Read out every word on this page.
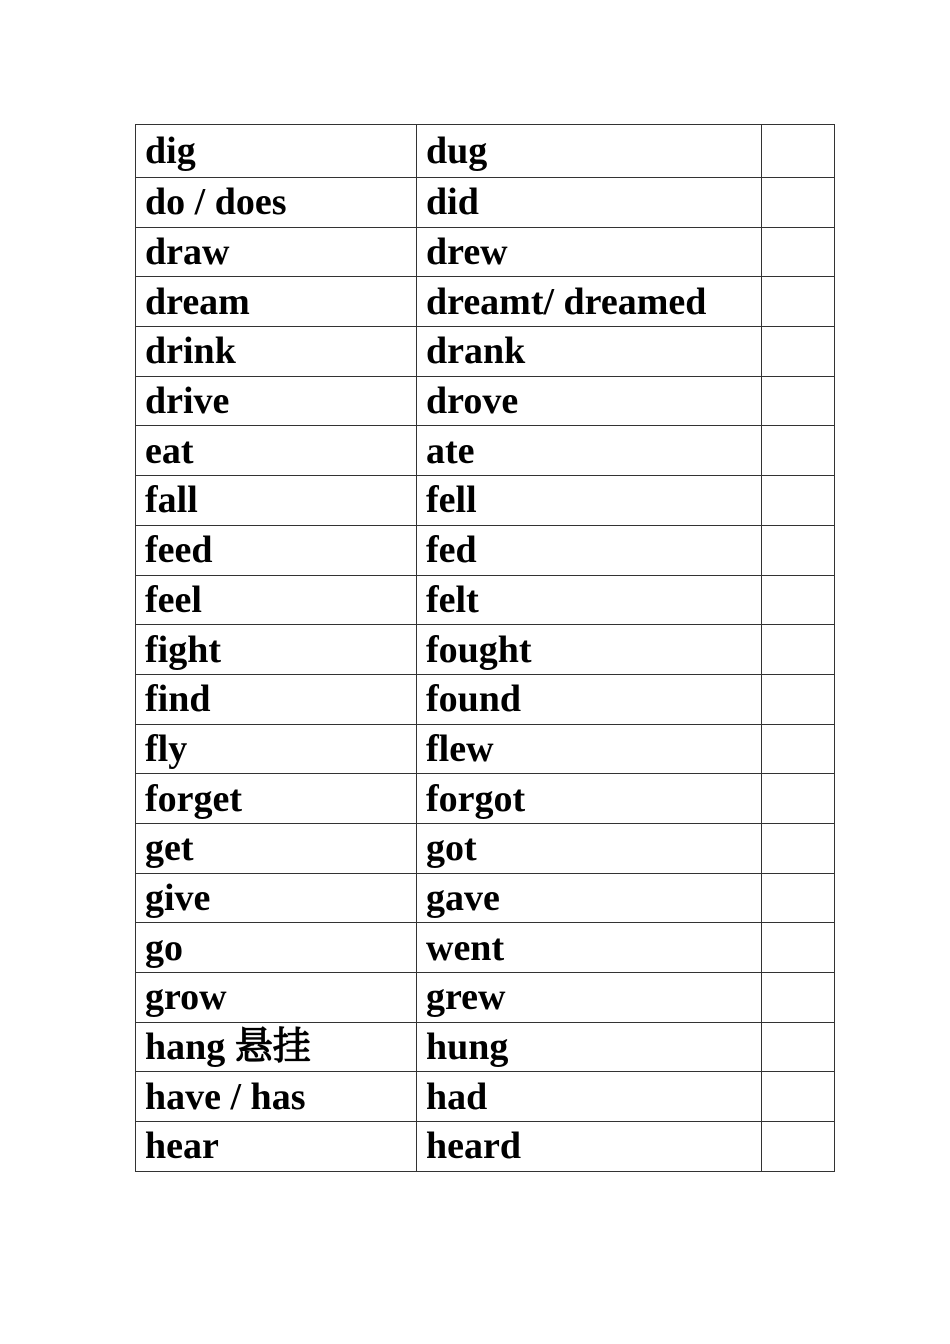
dig	dug	
do / does	did	
draw	drew	
dream	dreamt/ dreamed	
drink	drank	
drive	drove	
eat	ate	
fall	fell	
feed	fed	
feel	felt	
fight	fought	
find	found	
fly	flew	
forget	forgot	
get	got	
give	gave	
go	went	
grow	grew	
hang 悬挂	hung	
have / has	had	
hear	heard	
